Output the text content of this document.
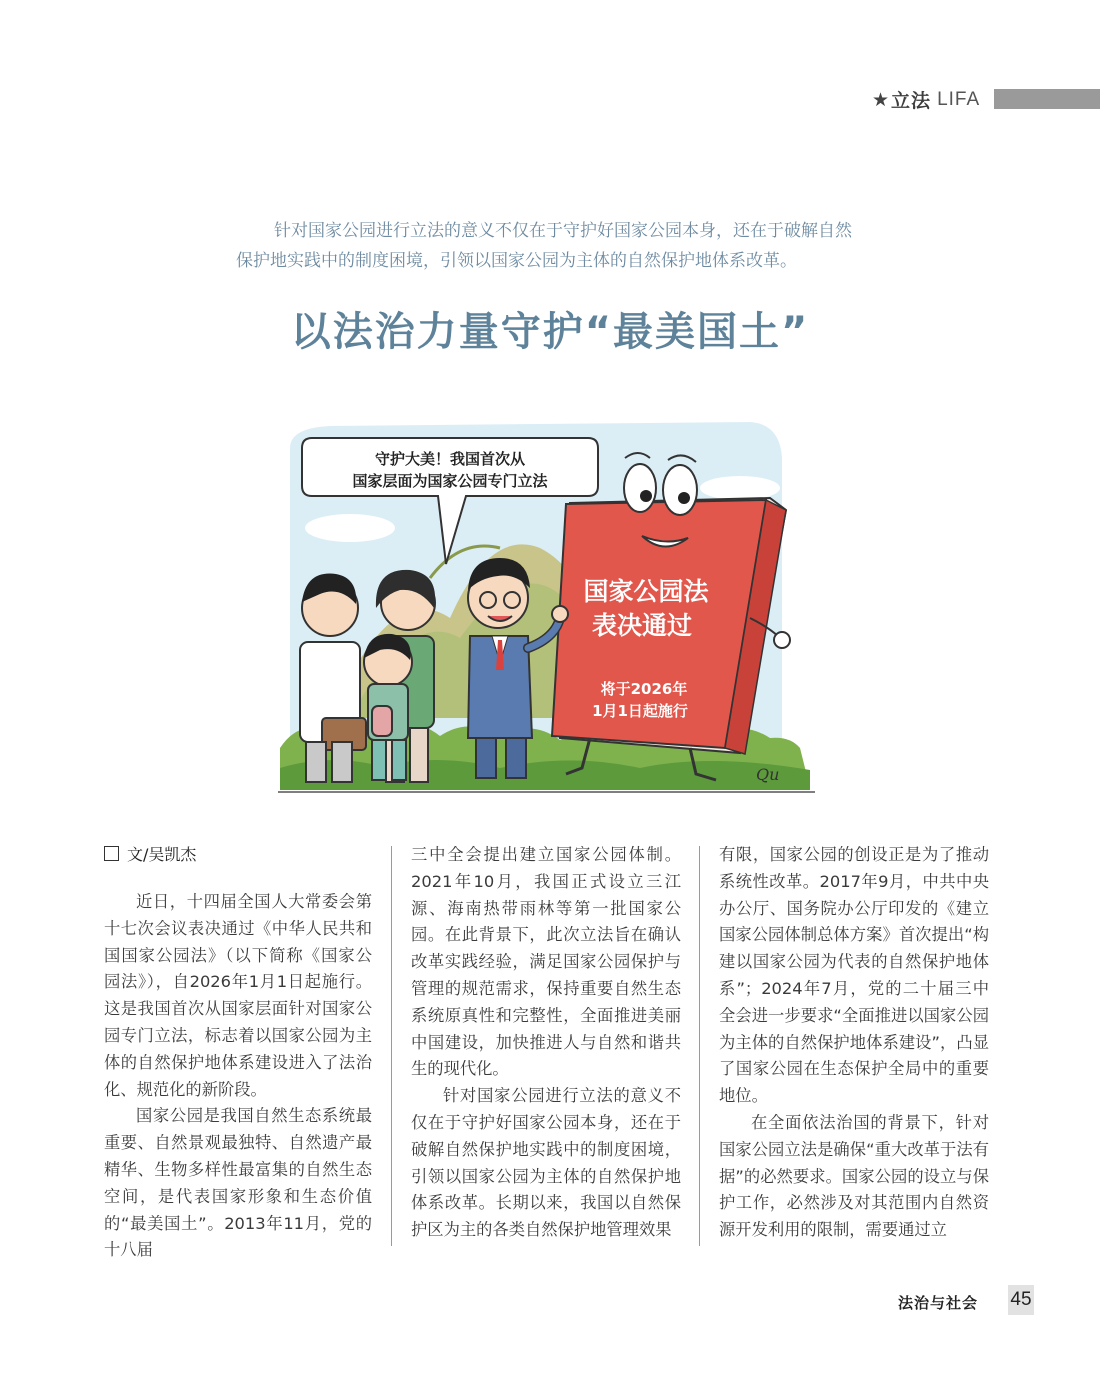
★ 立法 LIFA

针对国家公园进行立法的意义不仅在于守护好国家公园本身，还在于破解自然

保护地实践中的制度困境，引领以国家公园为主体的自然保护地体系改革。

以法治力量守护“最美国土”
守护大美！我国首次从
国家层面为国家公园专门立法
国家公园法
表决通过
将于2026年
1月1日起施行
Qu
文/吴凯杰

近日，十四届全国人大常委会第十七次会议表决通过《中华人民共和国国家公园法》（以下简称《国家公园法》），自2026年1月1日起施行。这是我国首次从国家层面针对国家公园专门立法，标志着以国家公园为主体的自然保护地体系建设进入了法治化、规范化的新阶段。

国家公园是我国自然生态系统最重要、自然景观最独特、自然遗产最精华、生物多样性最富集的自然生态空间，是代表国家形象和生态价值的“最美国土”。2013年11月，党的十八届

三中全会提出建立国家公园体制。2021年10月，我国正式设立三江源、海南热带雨林等第一批国家公园。在此背景下，此次立法旨在确认改革实践经验，满足国家公园保护与管理的规范需求，保持重要自然生态系统原真性和完整性，全面推进美丽中国建设，加快推进人与自然和谐共生的现代化。

针对国家公园进行立法的意义不仅在于守护好国家公园本身，还在于破解自然保护地实践中的制度困境，引领以国家公园为主体的自然保护地体系改革。长期以来，我国以自然保护区为主的各类自然保护地管理效果

有限，国家公园的创设正是为了推动系统性改革。2017年9月，中共中央办公厅、国务院办公厅印发的《建立国家公园体制总体方案》首次提出“构建以国家公园为代表的自然保护地体系”；2024年7月，党的二十届三中全会进一步要求“全面推进以国家公园为主体的自然保护地体系建设”，凸显了国家公园在生态保护全局中的重要地位。

在全面依法治国的背景下，针对国家公园立法是确保“重大改革于法有据”的必然要求。国家公园的设立与保护工作，必然涉及对其范围内自然资源开发利用的限制，需要通过立

法治与社会 45
